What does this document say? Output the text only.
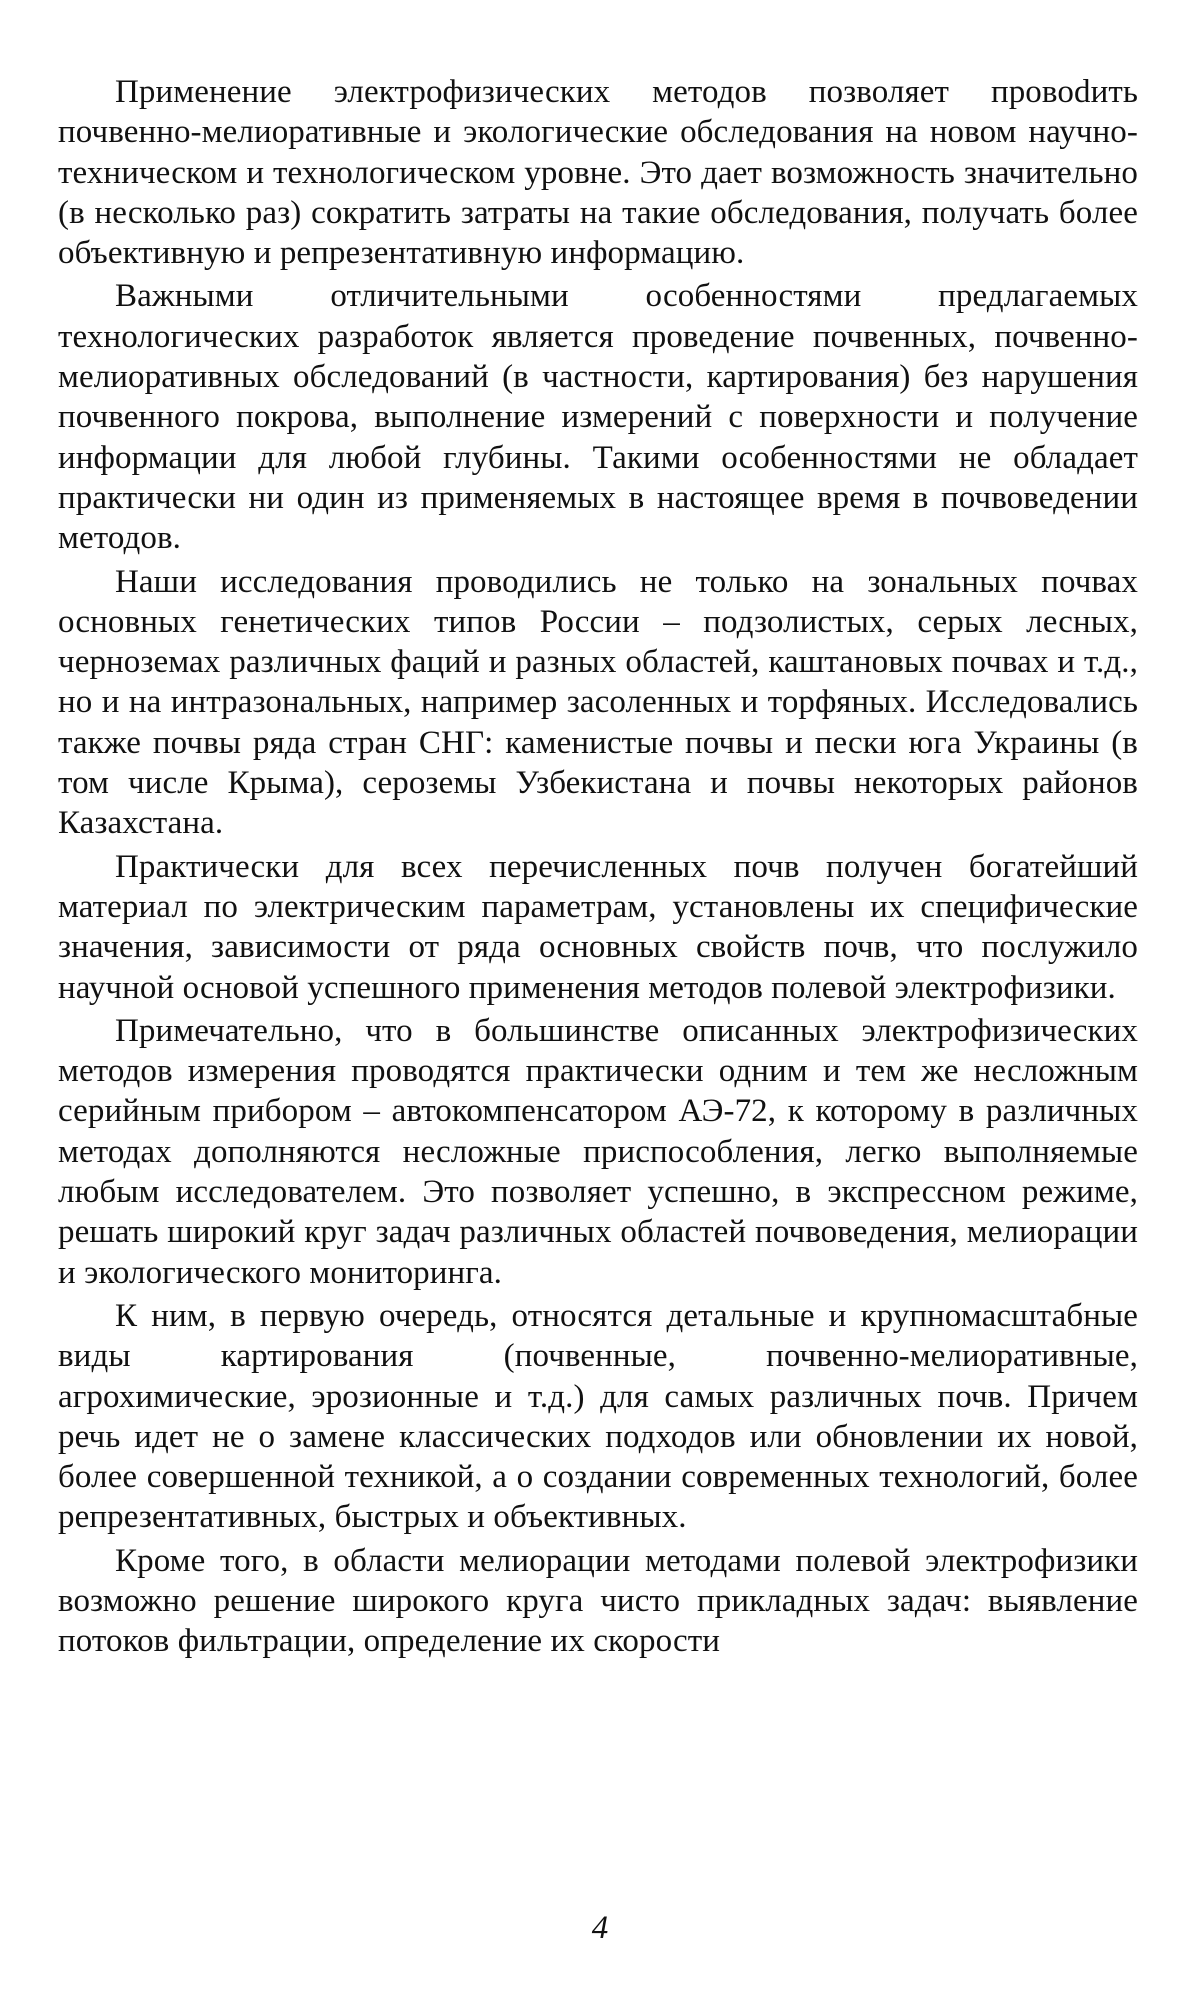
Применение электрофизических методов позволяет провоdить почвенно-мелиоративные и экологические обследования на новом научно-техническом и технологическом уровне. Это дает возможность значительно (в несколько раз) сократить затраты на такие обследования, получать более объективную и репрезентативную информацию.

Важными отличительными особенностями предлагаемых технологических разработок является проведение почвенных, почвенно-мелиоративных обследований (в частности, картирования) без нарушения почвенного покрова, выполнение измерений с поверхности и получение информации для любой глубины. Такими особенностями не обладает практически ни один из применяемых в настоящее время в почвоведении методов.

Наши исследования проводились не только на зональных почвах основных генетических типов России – подзолистых, серых лесных, черноземах различных фаций и разных областей, каштановых почвах и т.д., но и на интразональных, например засоленных и торфяных. Исследовались также почвы ряда стран СНГ: каменистые почвы и пески юга Украины (в том числе Крыма), сероземы Узбекистана и почвы некоторых районов Казахстана.

Практически для всех перечисленных почв получен богатейший материал по электрическим параметрам, установлены их специфические значения, зависимости от ряда основных свойств почв, что послужило научной основой успешного применения методов полевой электрофизики.

Примечательно, что в большинстве описанных электрофизических методов измерения проводятся практически одним и тем же несложным серийным прибором – автокомпенсатором АЭ-72, к которому в различных методах дополняются несложные приспособления, легко выполняемые любым исследователем. Это позволяет успешно, в экспрессном режиме, решать широкий круг задач различных областей почвоведения, мелиорации и экологического мониторинга.

К ним, в первую очередь, относятся детальные и крупномасштабные виды картирования (почвенные, почвенно-мелиоративные, агрохимические, эрозионные и т.д.) для самых различных почв. Причем речь идет не о замене классических подходов или обновлении их новой, более совершенной техникой, а о создании современных технологий, более репрезентативных, быстрых и объективных.

Кроме того, в области мелиорации методами полевой электрофизики возможно решение широкого круга чисто прикладных задач: выявление потоков фильтрации, определение их скорости

4
